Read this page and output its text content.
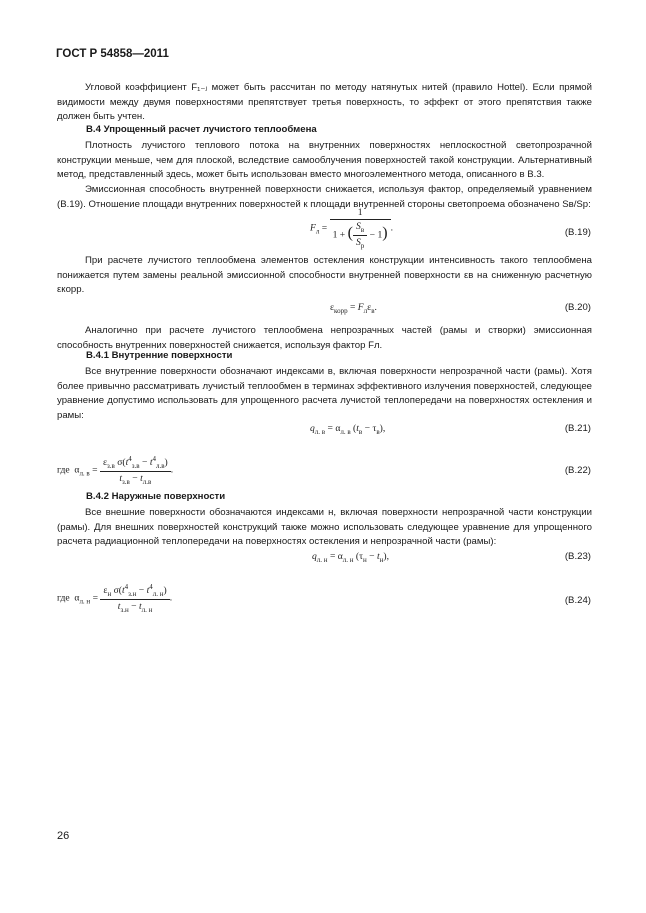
ГОСТ Р 54858—2011
Угловой коэффициент F₁₋ⱼ может быть рассчитан по методу натянутых нитей (правило Hottel). Если прямой видимости между двумя поверхностями препятствует третья поверхность, то эффект от этого препятствия также должен быть учтен.
В.4 Упрощенный расчет лучистого теплообмена
Плотность лучистого теплового потока на внутренних поверхностях неплоскостной светопрозрачной конструкции меньше, чем для плоской, вследствие самооблучения поверхностей такой конструкции. Альтернативный метод, представленный здесь, может быть использован вместо многоэлементного метода, описанного в В.3.
Эмиссионная способность внутренней поверхности снижается, используя фактор, определяемый уравнением (В.19). Отношение площади внутренних поверхностей к площади внутренней стороны светопроема обозначено Sв/Sр:
$F_л = \frac{1}{1 + ( \frac{S_в}{S_р} - 1)}$ .	(В.19)
При расчете лучистого теплообмена элементов остекления конструкции интенсивность такого теплообмена понижается путем замены реальной эмиссионной способности внутренней поверхности εв на сниженную расчетную εкорр.
$\varepsilon_{корр} = F_л\varepsilon_в$.	(В.20)
Аналогично при расчете лучистого теплообмена непрозрачных частей (рамы и створки) эмиссионная способность внутренних поверхностей снижается, используя фактор Fл.
В.4.1 Внутренние поверхности
Все внутренние поверхности обозначают индексами в, включая поверхности непрозрачной части (рамы). Хотя более привычно рассматривать лучистый теплообмен в терминах эффективного излучения поверхностей, следующее уравнение допустимо использовать для упрощенного расчета лучистой теплопередачи на поверхностях остекления и рамы:
$q_{л. в} = \alpha_{л. в}$ $(t_в - \tau_в)$,	(В.21)
где  $\alpha_{л. в} = \frac{\varepsilon_{з.в} \sigma(t^4_{з.в} - t^4_{л.в})}{t_{з.в} - t_{л.в}}$ .	(В.22)
В.4.2 Наружные поверхности
Все внешние поверхности обозначаются индексами н, включая поверхности непрозрачной части конструкции (рамы). Для внешних поверхностей конструкций также можно использовать следующее уравнение для упрощенного расчета радиационной теплопередачи на поверхностях остекления и непрозрачной части (рамы):
$q_{л. н} = \alpha_{л. н}$ $(\tau_н - t_н)$,	(В.23)
где  $\alpha_{л. н} = \frac{\varepsilon_н \sigma(t^4_{з.н} - t^4_{л. н})}{t_{з.н} - t_{л. н}}$ .	(В.24)
26
